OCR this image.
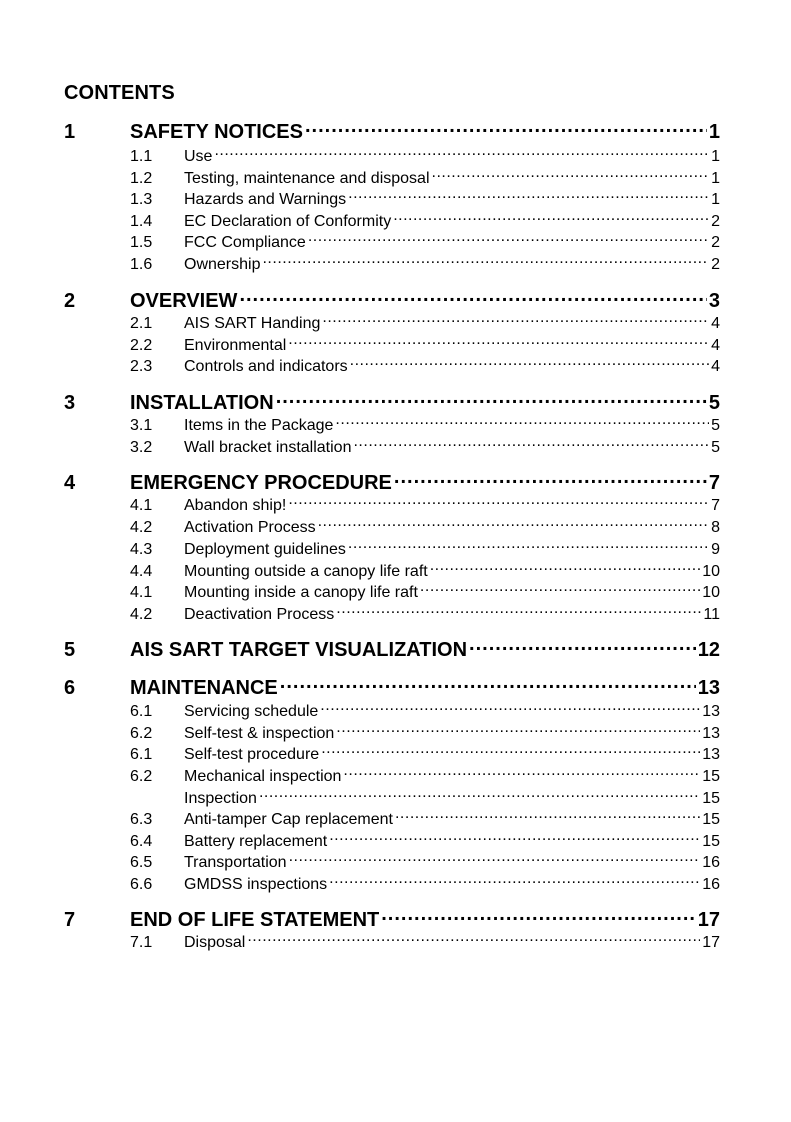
CONTENTS
1	SAFETY NOTICES .....	1
1.1	Use .....	1
1.2	Testing, maintenance and disposal .....	1
1.3	Hazards and Warnings .....	1
1.4	EC Declaration of Conformity .....	2
1.5	FCC Compliance .....	2
1.6	Ownership .....	2
2	OVERVIEW .....	3
2.1	AIS SART Handing .....	4
2.2	Environmental .....	4
2.3	Controls and indicators .....	4
3	INSTALLATION .....	5
3.1	Items in the Package .....	5
3.2	Wall bracket installation .....	5
4	EMERGENCY PROCEDURE .....	7
4.1	Abandon ship! .....	7
4.2	Activation Process .....	8
4.3	Deployment guidelines .....	9
4.4	Mounting outside a canopy life raft .....	10
4.1	Mounting inside a canopy life raft .....	10
4.2	Deactivation Process .....	11
5	AIS SART TARGET VISUALIZATION .....	12
6	MAINTENANCE .....	13
6.1	Servicing schedule .....	13
6.2	Self-test & inspection .....	13
6.1	Self-test procedure .....	13
6.2	Mechanical inspection .....	15
Inspection .....	15
6.3	Anti-tamper Cap replacement .....	15
6.4	Battery replacement .....	15
6.5	Transportation .....	16
6.6	GMDSS inspections .....	16
7	END OF LIFE STATEMENT .....	17
7.1	Disposal .....	17
